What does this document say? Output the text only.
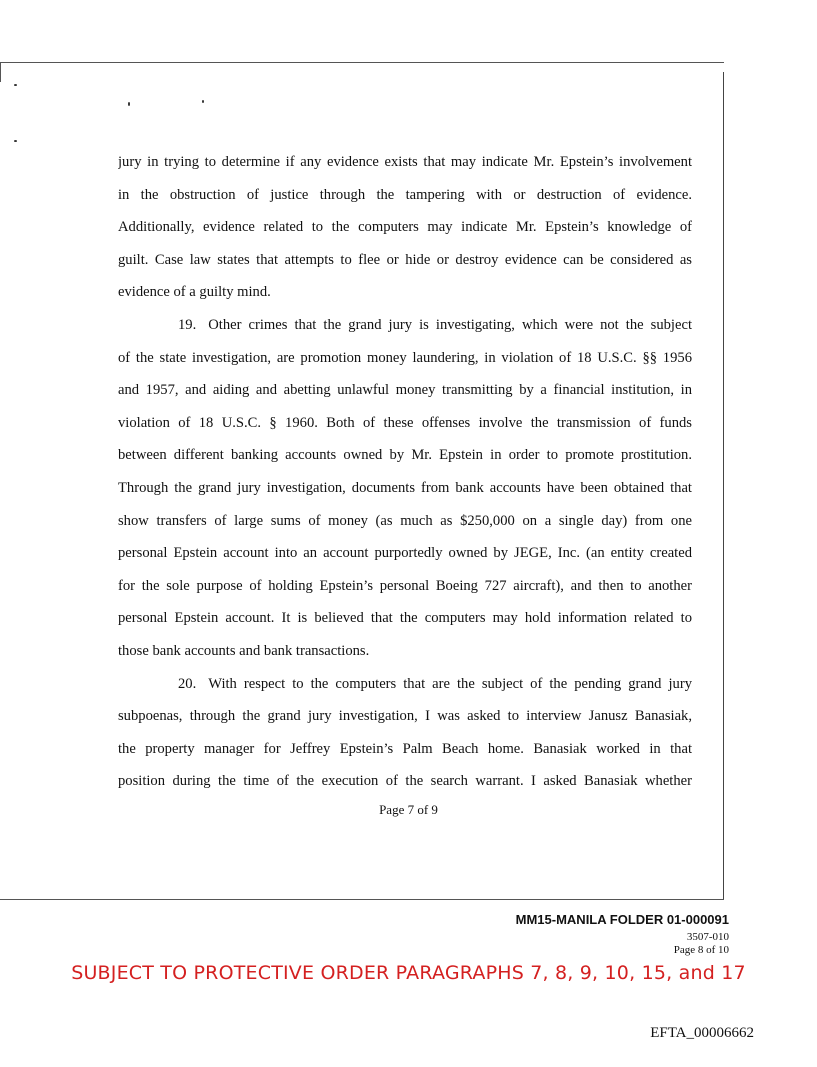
jury in trying to determine if any evidence exists that may indicate Mr. Epstein’s involvement
in the obstruction of justice through the tampering with or destruction of evidence.
Additionally, evidence related to the computers may indicate Mr. Epstein’s knowledge of
guilt. Case law states that attempts to flee or hide or destroy evidence can be considered as
evidence of a guilty mind.
19. Other crimes that the grand jury is investigating, which were not the subject
of the state investigation, are promotion money laundering, in violation of 18 U.S.C. §§ 1956
and 1957, and aiding and abetting unlawful money transmitting by a financial institution, in
violation of 18 U.S.C. § 1960. Both of these offenses involve the transmission of funds
between different banking accounts owned by Mr. Epstein in order to promote prostitution.
Through the grand jury investigation, documents from bank accounts have been obtained that
show transfers of large sums of money (as much as $250,000 on a single day) from one
personal Epstein account into an account purportedly owned by JEGE, Inc. (an entity created
for the sole purpose of holding Epstein’s personal Boeing 727 aircraft), and then to another
personal Epstein account. It is believed that the computers may hold information related to
those bank accounts and bank transactions.
20. With respect to the computers that are the subject of the pending grand jury
subpoenas, through the grand jury investigation, I was asked to interview Janusz Banasiak,
the property manager for Jeffrey Epstein’s Palm Beach home. Banasiak worked in that
position during the time of the execution of the search warrant. I asked Banasiak whether
Page 7 of 9
MM15-MANILA FOLDER 01-000091
3507-010
Page 8 of 10
SUBJECT TO PROTECTIVE ORDER PARAGRAPHS 7, 8, 9, 10, 15, and 17
EFTA_00006662
